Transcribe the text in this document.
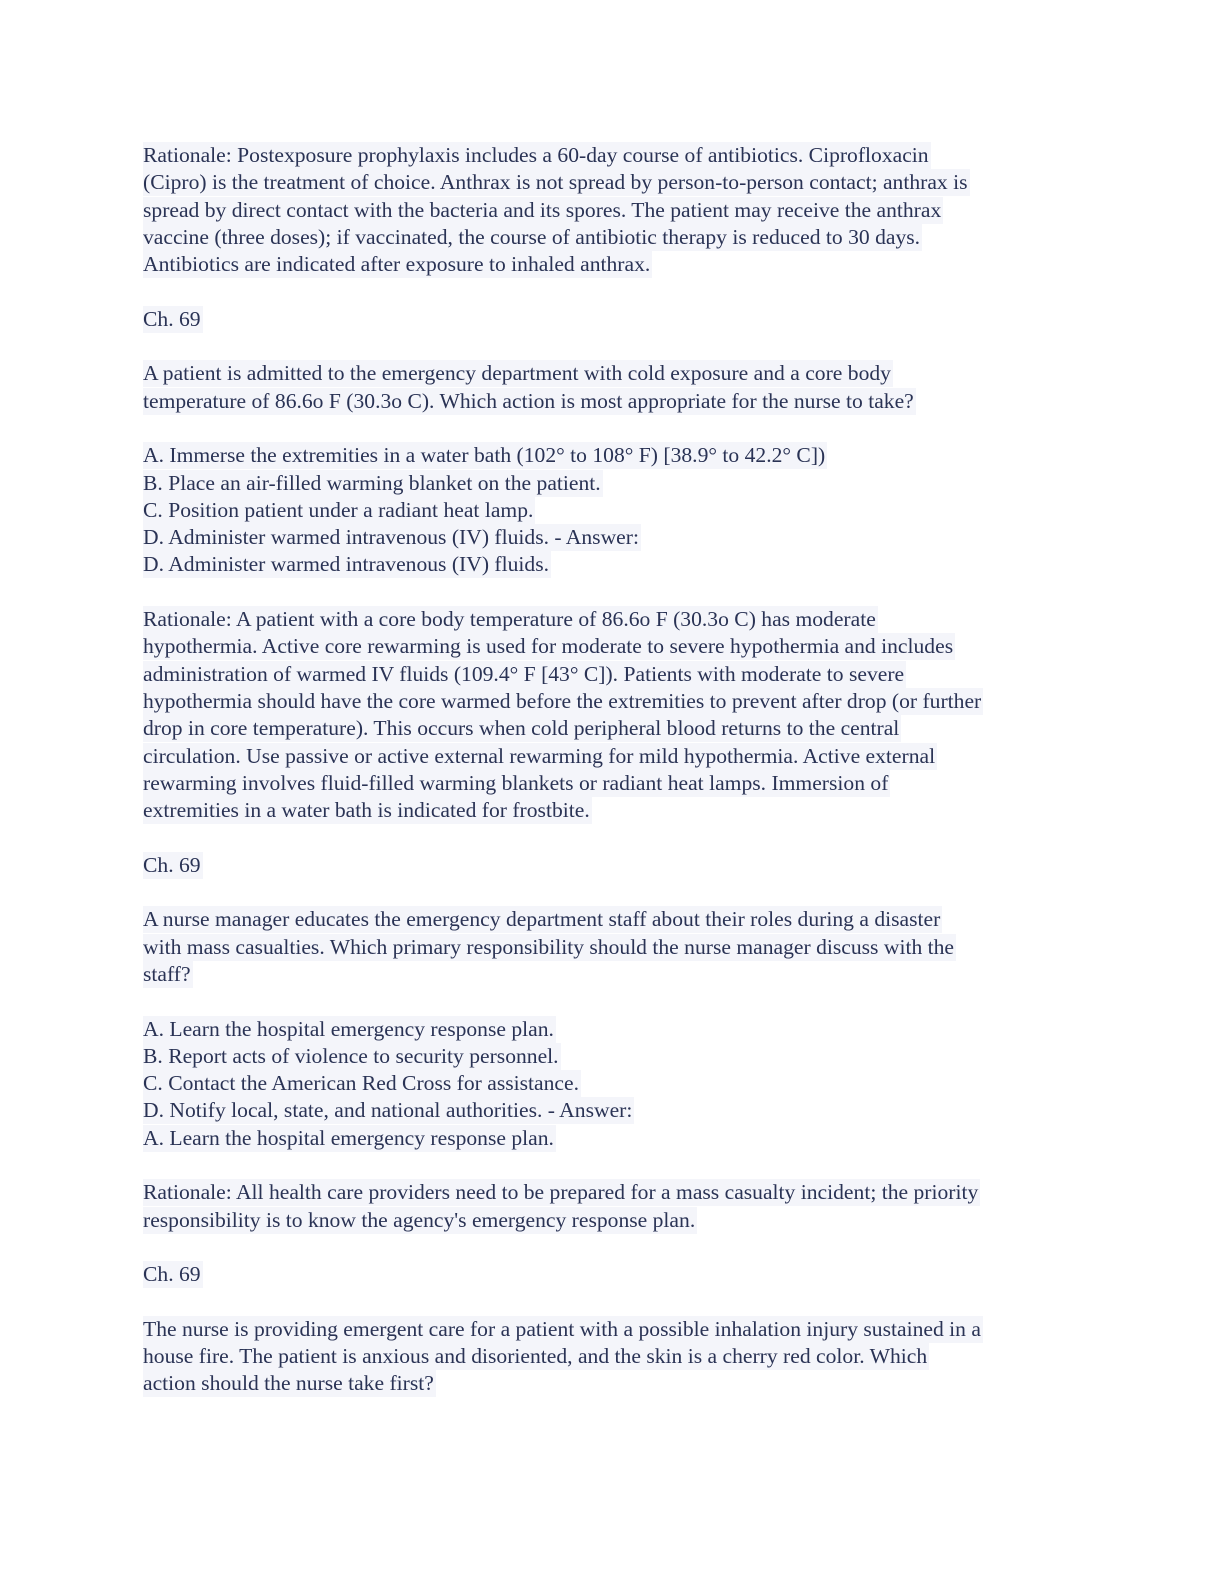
Rationale: Postexposure prophylaxis includes a 60-day course of antibiotics. Ciprofloxacin
(Cipro) is the treatment of choice. Anthrax is not spread by person-to-person contact; anthrax is
spread by direct contact with the bacteria and its spores. The patient may receive the anthrax
vaccine (three doses); if vaccinated, the course of antibiotic therapy is reduced to 30 days.
Antibiotics are indicated after exposure to inhaled anthrax.
Ch. 69
A patient is admitted to the emergency department with cold exposure and a core body
temperature of 86.6o F (30.3o C). Which action is most appropriate for the nurse to take?
A. Immerse the extremities in a water bath (102° to 108° F) [38.9° to 42.2° C])
B. Place an air-filled warming blanket on the patient.
C. Position patient under a radiant heat lamp.
D. Administer warmed intravenous (IV) fluids. - Answer:
D. Administer warmed intravenous (IV) fluids.
Rationale: A patient with a core body temperature of 86.6o F (30.3o C) has moderate
hypothermia. Active core rewarming is used for moderate to severe hypothermia and includes
administration of warmed IV fluids (109.4° F [43° C]). Patients with moderate to severe
hypothermia should have the core warmed before the extremities to prevent after drop (or further
drop in core temperature). This occurs when cold peripheral blood returns to the central
circulation. Use passive or active external rewarming for mild hypothermia. Active external
rewarming involves fluid-filled warming blankets or radiant heat lamps. Immersion of
extremities in a water bath is indicated for frostbite.
Ch. 69
A nurse manager educates the emergency department staff about their roles during a disaster
with mass casualties. Which primary responsibility should the nurse manager discuss with the
staff?
A. Learn the hospital emergency response plan.
B. Report acts of violence to security personnel.
C. Contact the American Red Cross for assistance.
D. Notify local, state, and national authorities. - Answer:
A. Learn the hospital emergency response plan.
Rationale: All health care providers need to be prepared for a mass casualty incident; the priority
responsibility is to know the agency's emergency response plan.
Ch. 69
The nurse is providing emergent care for a patient with a possible inhalation injury sustained in a
house fire. The patient is anxious and disoriented, and the skin is a cherry red color. Which
action should the nurse take first?
